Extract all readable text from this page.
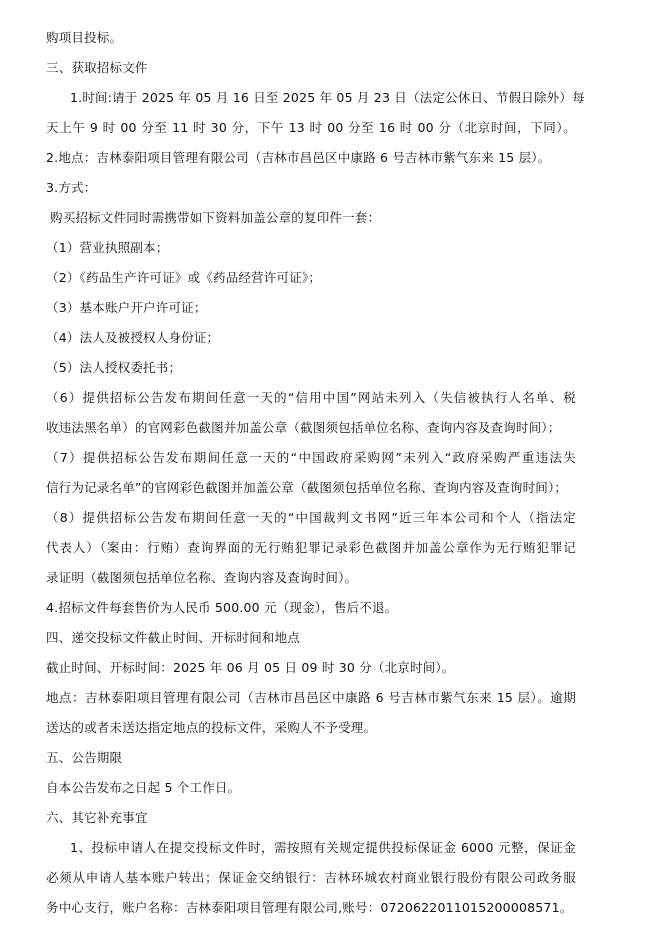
购项目投标。
三、获取招标文件
1.时间:请于 2025 年 05 月 16 日至 2025 年 05 月 23 日（法定公休日、节假日除外）每
天上午 9 时 00 分至 11 时 30 分，下午 13 时 00 分至 16 时 00 分（北京时间，下同）。
2.地点：吉林泰阳项目管理有限公司（吉林市昌邑区中康路 6 号吉林市紫气东来 15 层）。
3.方式：
购买招标文件同时需携带如下资料加盖公章的复印件一套：
（1）营业执照副本；
（2）《药品生产许可证》或《药品经营许可证》；
（3）基本账户开户许可证；
（4）法人及被授权人身份证；
（5）法人授权委托书；
（6）提供招标公告发布期间任意一天的“信用中国”网站未列入（失信被执行人名单、税
收违法黑名单）的官网彩色截图并加盖公章（截图须包括单位名称、查询内容及查询时间）；
（7）提供招标公告发布期间任意一天的“中国政府采购网”未列入“政府采购严重违法失
信行为记录名单”的官网彩色截图并加盖公章（截图须包括单位名称、查询内容及查询时间）；
（8）提供招标公告发布期间任意一天的“中国裁判文书网”近三年本公司和个人（指法定
代表人）（案由：行贿）查询界面的无行贿犯罪记录彩色截图并加盖公章作为无行贿犯罪记
录证明（截图须包括单位名称、查询内容及查询时间）。
4.招标文件每套售价为人民币 500.00 元（现金），售后不退。
四、递交投标文件截止时间、开标时间和地点
截止时间、开标时间：2025 年 06 月 05 日 09 时 30 分（北京时间）。
地点：吉林泰阳项目管理有限公司（吉林市昌邑区中康路 6 号吉林市紫气东来 15 层）。逾期
送达的或者未送达指定地点的投标文件，采购人不予受理。
五、公告期限
自本公告发布之日起 5 个工作日。
六、其它补充事宜
1、投标申请人在提交投标文件时，需按照有关规定提供投标保证金 6000 元整，保证金
必须从申请人基本账户转出；保证金交纳银行：吉林环城农村商业银行股份有限公司政务服
务中心支行，账户名称：吉林泰阳项目管理有限公司,账号：0720622011015200008571。
